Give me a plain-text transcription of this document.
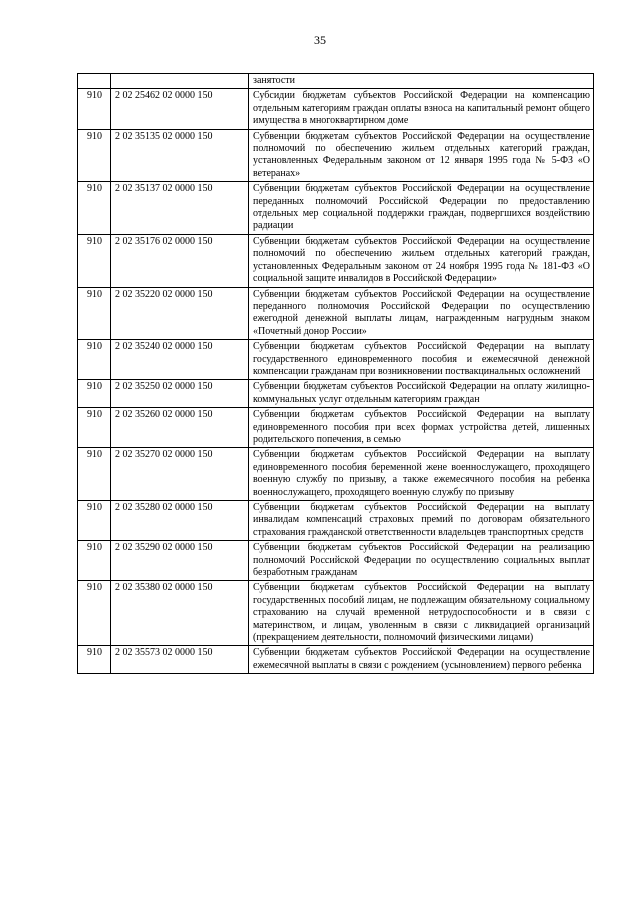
35
		занятости
910	2 02 25462 02 0000 150	Субсидии бюджетам субъектов Российской Федерации на компенсацию отдельным категориям граждан оплаты взноса на капитальный ремонт общего имущества в многоквартирном доме
910	2 02 35135 02 0000 150	Субвенции бюджетам субъектов Российской Федерации на осуществление полномочий по обеспечению жильем отдельных категорий граждан, установленных Федеральным законом от 12 января 1995 года № 5-ФЗ «О ветеранах»
910	2 02 35137 02 0000 150	Субвенции бюджетам субъектов Российской Федерации на осуществление переданных полномочий Российской Федерации по предоставлению отдельных мер социальной поддержки граждан, подвергшихся воздействию радиации
910	2 02 35176 02 0000 150	Субвенции бюджетам субъектов Российской Федерации на осуществление полномочий по обеспечению жильем отдельных категорий граждан, установленных Федеральным законом от 24 ноября 1995 года № 181-ФЗ «О социальной защите инвалидов в Российской Федерации»
910	2 02 35220 02 0000 150	Субвенции бюджетам субъектов Российской Федерации на осуществление переданного полномочия Российской Федерации по осуществлению ежегодной денежной выплаты лицам, награжденным нагрудным знаком «Почетный донор России»
910	2 02 35240 02 0000 150	Субвенции бюджетам субъектов Российской Федерации на выплату государственного единовременного пособия и ежемесячной денежной компенсации гражданам при возникновении поствакцинальных осложнений
910	2 02 35250 02 0000 150	Субвенции бюджетам субъектов Российской Федерации на оплату жилищно-коммунальных услуг отдельным категориям граждан
910	2 02 35260 02 0000 150	Субвенции бюджетам субъектов Российской Федерации на выплату единовременного пособия при всех формах устройства детей, лишенных родительского попечения, в семью
910	2 02 35270 02 0000 150	Субвенции бюджетам субъектов Российской Федерации на выплату единовременного пособия беременной жене военнослужащего, проходящего военную службу по призыву, а также ежемесячного пособия на ребенка военнослужащего, проходящего военную службу по призыву
910	2 02 35280 02 0000 150	Субвенции бюджетам субъектов Российской Федерации на выплату инвалидам компенсаций страховых премий по договорам обязательного страхования гражданской ответственности владельцев транспортных средств
910	2 02 35290 02 0000 150	Субвенции бюджетам субъектов Российской Федерации на реализацию полномочий Российской Федерации по осуществлению социальных выплат безработным гражданам
910	2 02 35380 02 0000 150	Субвенции бюджетам субъектов Российской Федерации на выплату государственных пособий лицам, не подлежащим обязательному социальному страхованию на случай временной нетрудоспособности и в связи с материнством, и лицам, уволенным в связи с ликвидацией организаций (прекращением деятельности, полномочий физическими лицами)
910	2 02 35573 02 0000 150	Субвенции бюджетам субъектов Российской Федерации на осуществление ежемесячной выплаты в связи с рождением (усыновлением) первого ребенка
